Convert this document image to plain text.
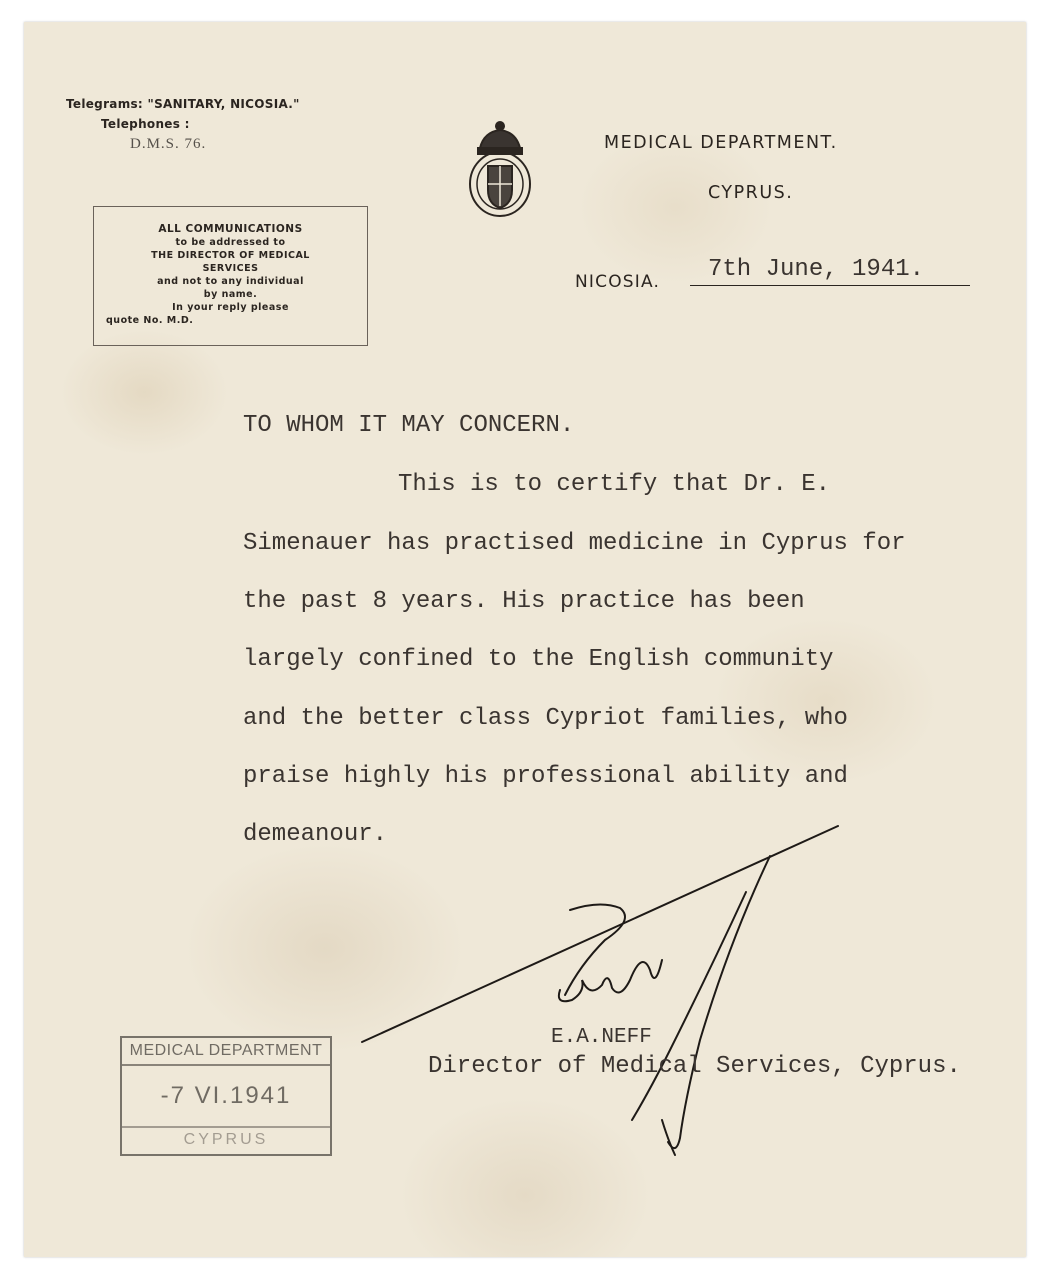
Telegrams: "SANITARY, NICOSIA."
Telephones :
D.M.S. 76.
ALL COMMUNICATIONS
to be addressed to
THE DIRECTOR OF MEDICAL
SERVICES
and not to any individual
by name.
In your reply please
quote No. M.D.
MEDICAL DEPARTMENT.
CYPRUS.
NICOSIA. 7th June, 1941.
TO WHOM IT MAY CONCERN.
This is to certify that Dr. E.
Simenauer has practised medicine in Cyprus for
the past 8 years. His practice has been
largely confined to the English community
and the better class Cypriot families, who
praise highly his professional ability and
demeanour.
E.A.NEFF
Director of Medical Services, Cyprus.
MEDICAL DEPARTMENT
-7 VI.1941
CYPRUS
